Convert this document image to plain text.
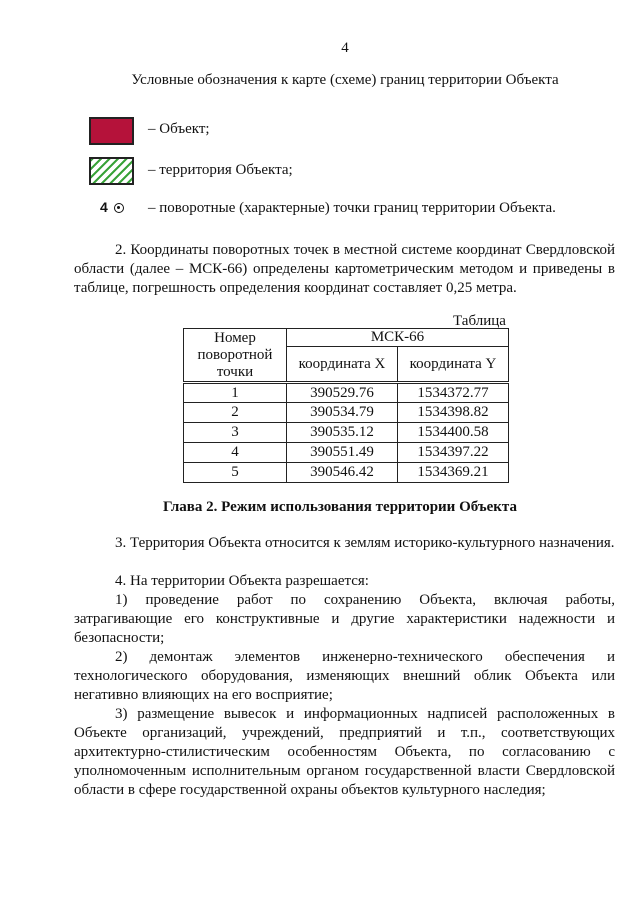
4
Условные обозначения к карте (схеме) границ территории Объекта
– Объект;
– территория Объекта;
4	– поворотные (характерные) точки границ территории Объекта.

2. Координаты поворотных точек в местной системе координат Свердловской области (далее – МСК-66) определены картометрическим методом и приведены в таблице, погрешность определения координат составляет 0,25 метра.

Таблица
Номер поворотной точки	МСК-66	
	координата X	координата Y
1	390529.76	1534372.77
2	390534.79	1534398.82
3	390535.12	1534400.58
4	390551.49	1534397.22
5	390546.42	1534369.21
Глава 2. Режим использования территории Объекта

3. Территория Объекта относится к землям историко-культурного назначения.

4. На территории Объекта разрешается:

1) проведение работ по сохранению Объекта, включая работы, затрагивающие его конструктивные и другие характеристики надежности и безопасности;

2) демонтаж элементов инженерно-технического обеспечения и технологического оборудования, изменяющих внешний облик Объекта или негативно влияющих на его восприятие;

3) размещение вывесок и информационных надписей расположенных в Объекте организаций, учреждений, предприятий и т.п., соответствующих архитектурно-стилистическим особенностям Объекта, по согласованию с уполномоченным исполнительным органом государственной власти Свердловской области в сфере государственной охраны объектов культурного наследия;
